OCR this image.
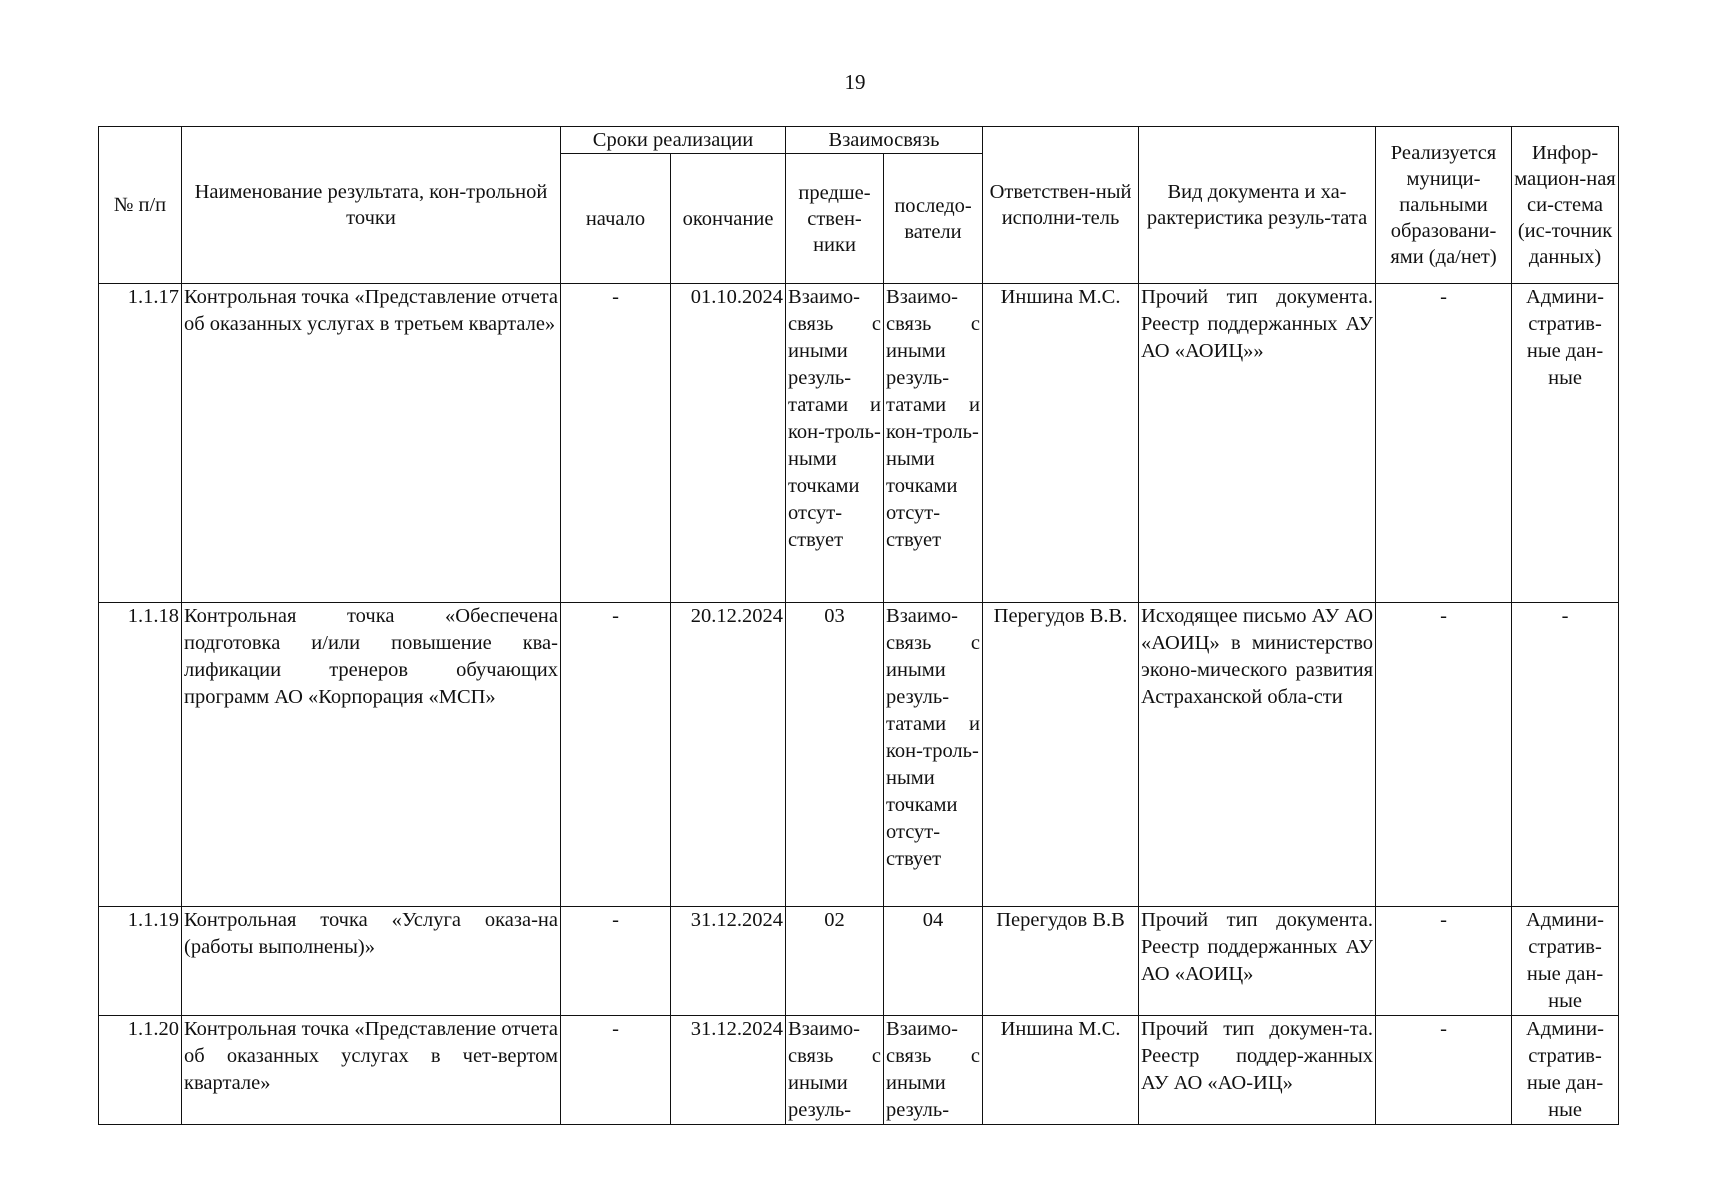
19
№ п/п	Наименование результата, кон-трольной точки	Сроки реализации		Взаимосвязь		Ответствен-ный исполни-тель	Вид документа и ха-рактеристика резуль-тата	Реализуется муници-пальными образовани-ями (да/нет)	Инфор-мацион-ная си-стема (ис-точник данных)
		начало	окончание	предше-ствен-ники	последо-ватели				
1.1.17	Контрольная точка «Представление отчета об оказанных услугах в третьем квартале»	-	01.10.2024	Взаимо-связь с иными резуль-татами и кон-троль-ными точками отсут-ствует	Взаимо-связь с иными резуль-татами и кон-троль-ными точками отсут-ствует	Иншина М.С.	Прочий тип документа. Реестр поддержанных АУ АО «АОИЦ»»	-	Админи-стратив-ные дан-ные
1.1.18	Контрольная точка «Обеспечена подготовка и/или повышение ква-лификации тренеров обучающих программ АО «Корпорация «МСП»	-	20.12.2024	03	Взаимо-связь с иными резуль-татами и кон-троль-ными точками отсут-ствует	Перегудов В.В.	Исходящее письмо АУ АО «АОИЦ» в министерство эконо-мического развития Астраханской обла-сти	-	-
1.1.19	Контрольная точка «Услуга оказа-на (работы выполнены)»	-	31.12.2024	02	04	Перегудов В.В	Прочий тип документа. Реестр поддержанных АУ АО «АОИЦ»	-	Админи-стратив-ные дан-ные
1.1.20	Контрольная точка «Представление отчета об оказанных услугах в чет-вертом квартале»	-	31.12.2024	Взаимо-связь с иными резуль-	Взаимо-связь с иными резуль-	Иншина М.С.	Прочий тип докумен-та. Реестр поддер-жанных АУ АО «АО-ИЦ»	-	Админи-стратив-ные дан-ные
